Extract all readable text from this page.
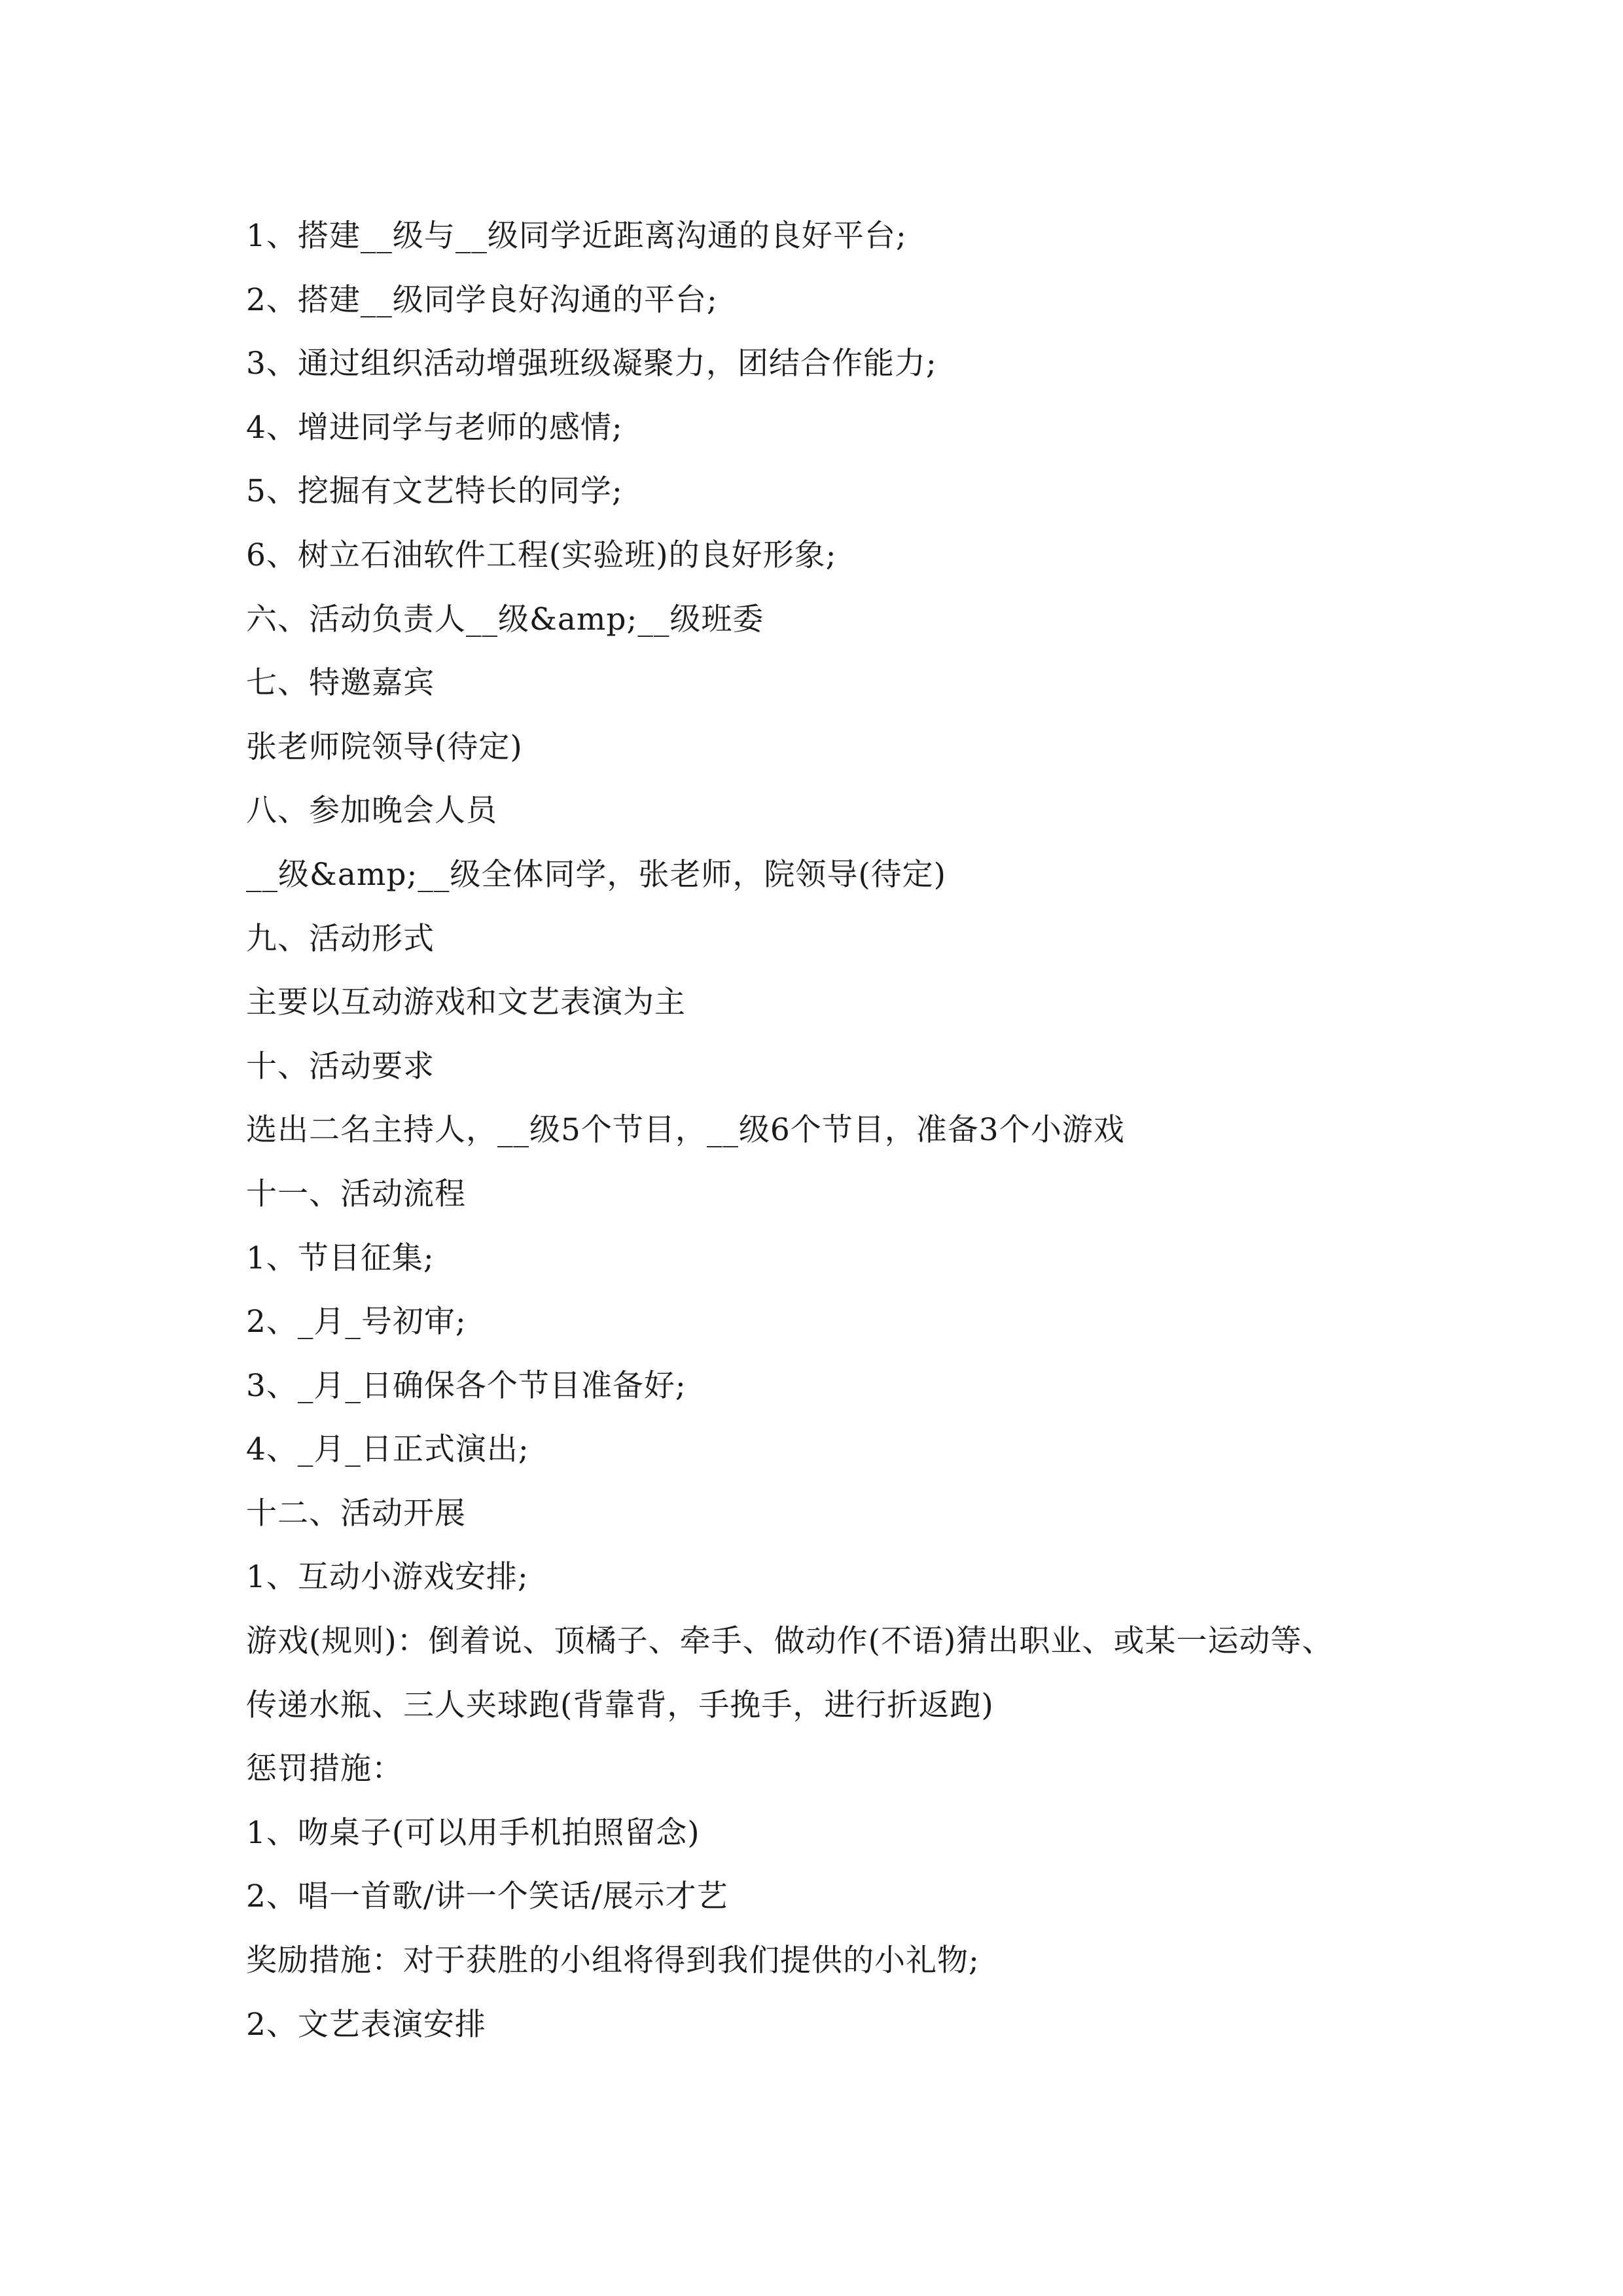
1、搭建__级与__级同学近距离沟通的良好平台;
2、搭建__级同学良好沟通的平台;
3、通过组织活动增强班级凝聚力，团结合作能力;
4、增进同学与老师的感情;
5、挖掘有文艺特长的同学;
6、树立石油软件工程(实验班)的良好形象;
六、活动负责人__级&amp;__级班委
七、特邀嘉宾
张老师院领导(待定)
八、参加晚会人员
__级&amp;__级全体同学，张老师，院领导(待定)
九、活动形式
主要以互动游戏和文艺表演为主
十、活动要求
选出二名主持人，__级5个节目，__级6个节目，准备3个小游戏
十一、活动流程
1、节目征集;
2、_月_号初审;
3、_月_日确保各个节目准备好;
4、_月_日正式演出;
十二、活动开展
1、互动小游戏安排;
游戏(规则)：倒着说、顶橘子、牵手、做动作(不语)猜出职业、或某一运动等、
传递水瓶、三人夹球跑(背靠背，手挽手，进行折返跑)
惩罚措施：
1、吻桌子(可以用手机拍照留念)
2、唱一首歌/讲一个笑话/展示才艺
奖励措施：对于获胜的小组将得到我们提供的小礼物;
2、文艺表演安排
